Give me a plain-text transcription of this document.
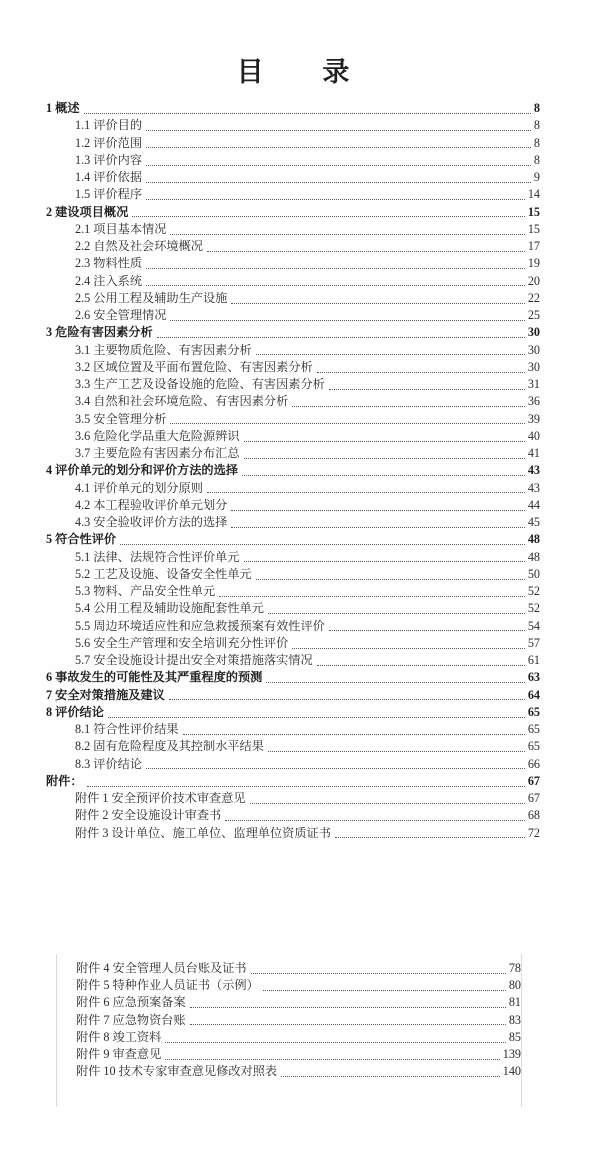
目 录
1 概述	8
1.1 评价目的	8
1.2 评价范围	8
1.3 评价内容	8
1.4 评价依据	9
1.5 评价程序	14
2 建设项目概况	15
2.1 项目基本情况	15
2.2 自然及社会环境概况	17
2.3 物料性质	19
2.4 注入系统	20
2.5 公用工程及辅助生产设施	22
2.6 安全管理情况	25
3 危险有害因素分析	30
3.1 主要物质危险、有害因素分析	30
3.2 区域位置及平面布置危险、有害因素分析	30
3.3 生产工艺及设备设施的危险、有害因素分析	31
3.4 自然和社会环境危险、有害因素分析	36
3.5 安全管理分析	39
3.6 危险化学品重大危险源辨识	40
3.7 主要危险有害因素分布汇总	41
4 评价单元的划分和评价方法的选择	43
4.1 评价单元的划分原则	43
4.2 本工程验收评价单元划分	44
4.3 安全验收评价方法的选择	45
5 符合性评价	48
5.1 法律、法规符合性评价单元	48
5.2 工艺及设施、设备安全性单元	50
5.3 物料、产品安全性单元	52
5.4 公用工程及辅助设施配套性单元	52
5.5 周边环境适应性和应急救援预案有效性评价	54
5.6 安全生产管理和安全培训充分性评价	57
5.7 安全设施设计提出安全对策措施落实情况	61
6 事故发生的可能性及其严重程度的预测	63
7 安全对策措施及建议	64
8 评价结论	65
8.1 符合性评价结果	65
8.2 固有危险程度及其控制水平结果	65
8.3 评价结论	66
附件：	67
附件 1 安全预评价技术审查意见	67
附件 2 安全设施设计审查书	68
附件 3 设计单位、施工单位、监理单位资质证书	72
附件 4 安全管理人员台账及证书	78
附件 5 特种作业人员证书（示例）	80
附件 6 应急预案备案	81
附件 7 应急物资台账	83
附件 8 竣工资料	85
附件 9 审查意见	139
附件 10 技术专家审查意见修改对照表	140
